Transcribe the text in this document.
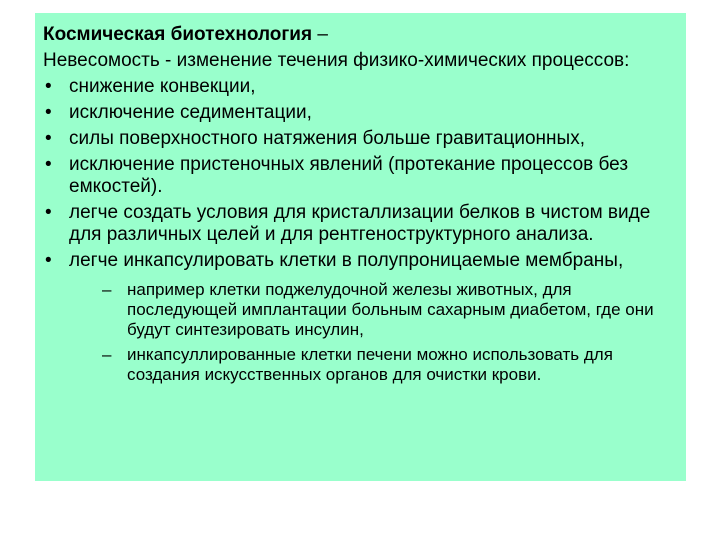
Космическая биотехнология –

Невесомость - изменение течения физико-химических процессов:

• снижение конвекции,
• исключение седиментации,
• силы поверхностного натяжения больше гравитационных,
• исключение пристеночных явлений (протекание процессов без емкостей).
• легче создать условия для кристаллизации белков в чистом виде для различных целей и для рентгеноструктурного анализа.
• легче инкапсулировать клетки в полупроницаемые мембраны,
– например клетки поджелудочной железы животных, для последующей имплантации больным сахарным диабетом, где они будут синтезировать инсулин,
– инкапсуллированные клетки печени можно использовать для создания искусственных органов для очистки крови.
